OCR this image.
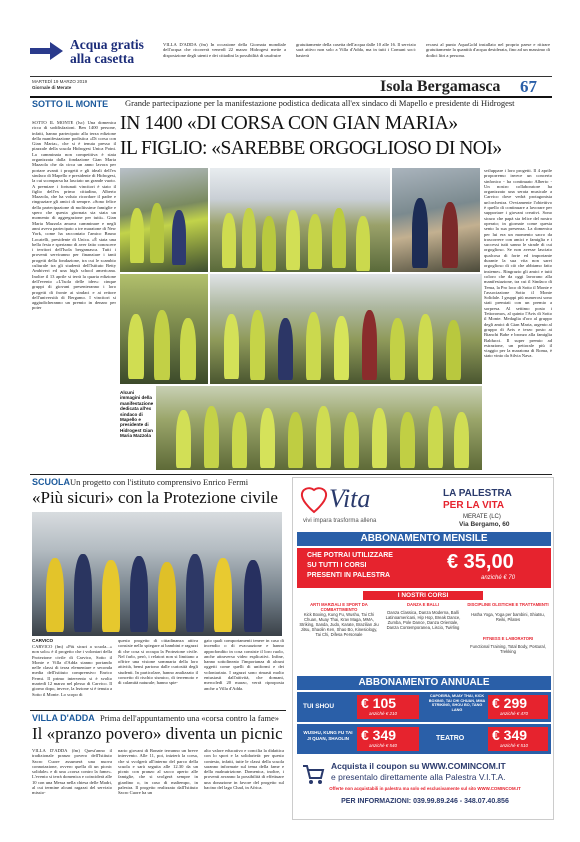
Acqua gratis alla casetta
VILLA D'ADDA (fm) In occasione della Giornata mondiale dell'acqua che ricorrerà venerdì 22 marzo Hidrogest mette a disposizione degli utenti e dei cittadini la possibilità di usufruire
gratuitamente della casetta dell'acqua dalle 10 alle 16. Il servizio sarà attivo non solo a Villa d'Adda, ma in tutti i Comuni soci: basterà
recarsi al punto AquaGold installato nel proprio paese e ritirare gratuitamente la quantità d'acqua desiderata, fino ad un massimo di dodici litri a persona.
MARTEDÌ 19 MARZO 2019
Giornale di Merate	Isola Bergamasca 67
SOTTO IL MONTE Grande partecipazione per la manifestazione podistica dedicata all'ex sindaco di Mapello e presidente di Hidrogest
IN 1400 «DI CORSA CON GIAN MARIA»
IL FIGLIO: «SAREBBE ORGOGLIOSO DI NOI»
SOTTO IL MONTE (lsc) Una domenica ricca di soddisfazioni. Ben 1400 persone, infatti, hanno partecipato alla terza edizione della manifestazione podistica «Di corsa con Gian Maria», che si è tenuta presso il piazzale della scuola Hidrogest Unica Point. La camminata non competitiva è stata organizzata dalla fondazione Gian Maria Mazzola che da circa un anno lavora per portare avanti i progetti e gli ideali dell'ex sindaco di Mapello e presidente di Hidrogest, la cui scomparsa ha lasciato un grande vuoto. A premiare i fortunati vincitori è stato il figlio dell'ex primo cittadino, Alberto Mazzola, che ha voluto ricordare il padre e ringraziare gli amici di sempre. «Sono felice della partecipazione di moltissime famiglie e spero che questa giornata sia stata un momento di aggregazione per tutti». Gian Maria Mazzola amava camminare e negli anni aveva partecipato a tre maratone di New York, come ha raccontato l'amico Bruno Locatelli, presidente di Unica. «È stata una bella festa e speriamo di aver fatto conoscere i territori dell'Isola bergamasca. Tutti i proventi serviranno per finanziare i tanti progetti della fondazione, tra cui le scambio culturale tra gli studenti dell'Istituto Betty Ambiveri ed una high school americana. Inoltre il 13 aprile si terrà la quarta edizione dell'evento «L'Isola delle idee»: cinque gruppi di giovani presenteranno i loro progetti di fronte ai sindaci e ai rettore dell'università di Bergamo. I vincitori si aggiudicheranno un premio in denaro per poter
Alcuni immagini della manifestazione dedicata all'ex sindaco di Mapello e presidente di Hidrogest Gian Maria Mazzola
sviluppare i loro progetti. Il 4 aprile proporremo invece un concerto sinfonico - ha continuato Alberto - Un nostro collaboratore ha organizzato una serata musicale a Carvico dove vedrà protagonista un'orchestra. Ovviamente l'obiettivo è quello di continuare a lavorare per supportare i giovani creativi. Sono sicuro che papà sia felice del nostro operato; in giornate come questa sento la sua presenza. La domenica per lui era un momento sacro da trascorrere con amici e famiglia e i successi tutti sanno le strade di cui orgoglioso. Se non avesse lasciato qualcosa di forte ed importante durante la sua vita non sarei orgoglioso di ciò che abbiamo fatto insieme». Ringrazio gli amici e tutti coloro che da oggi lavorano alla manifestazione, tra cui il Sindaco di Tema, la Pro loco di Sotto il Monte e l'associazione Sotto il Monte Solidale. I gruppi più numerosi sono stati premiati con un premio a sorpresa. Al settimo posto i Tettoromos, al quinto l'Avis di Sotto il Monte. Medaglia d'oro al gruppo degli amici di Gian Maria, argento al gruppo di Avis e terzo posto ai Bianchi Babe e bronzo alla famiglia Balducci. Il super premio ad estrazione, un pettorale più il viaggio per la maratona di Roma, è stato vinto da Silvia Nava.
SCUOLA Un progetto con l'istituto comprensivo Enrico Fermi
«Più sicuri» con la Protezione civile
CARVICO
CARVICO (fm) «Più sicuri a scuola...» non solo» è il progetto che i volontari della Protezione civile di Carvico, Sotto il Monte e Villa d'Adda stanno portando nelle classi di terza elementare e seconda media dell'istituto comprensivo Enrico Fermi. Il primo intervento si è svolto martedì 12 marzo nel plesso di Carvico. Il giorno dopo, invece, la lezione si è tenuta a Sotto il Monte. Lo scopo di
questo progetto di cittadinanza attiva consiste nello spiegare ai bambini e ragazzi di che cosa si occupa la Protezione civile. Nel farlo, però, i relatori non si limitano a offrire una visione sommaria della loro attività, bensì partono dalle curiosità degli studenti. In particolare, hanno analizzato il concetto di rischio sismico, di terremoto e di calamità naturale; hanno spie-
gato quali comportamenti tenere in caso di incendio o di evacuazione e hanno approfondito in cosa consiste il loro ruolo, anche attraverso video esplicativi. Infine, hanno sottolineato l'importanza di alcuni oggetti come quelli di uniformi e dei volontariato. I ragazzi sono rimasti molto entusiasti dall'attività, che domani, mercoledì 20 marzo, verrà riproposta anche a Villa d'Adda.
VILLA D'ADDA Prima dell'appuntamento una «corsa contro la fame»
Il «pranzo povero» diventa un picnic
VILLA D'ADDA (fm) Quest'anno il tradizionale pranzo povero dell'Istituto Sacro Cuore assumerà una nuova connotazione, ovvero quella di un picnic solidale» e di una «corsa contro la fame». L'evento si terrà domenica e coinciderà alle 10 con una Messa nella chiesa delle Madri, al cui termine alcuni ragazzi del servizio missio-
nario giovani di Bonate terranno un breve intervento. Alle 11, poi, inizierà la corsa, che si svolgerà all'interno del parco della scuola e sarà seguita alle 12.30 da un picnic con pranzo al sacco aperto alle famiglie, che si svolgerà sempre in giardino o, in caso di maltempo, in palestra. Il progetto realizzato dall'Istituto Sacro Cuore ha un
alto valore educativo e concilia la didattica con lo sport e la solidarietà: per questo contesto, infatti, tutte le classi della scuola saranno informate sul tema della fame e della malnutrizione. Domenica, inoltre, i proventi avranno la possibilità di effettuare una donazione in favore del progetto sul bacino del lago Chad, in Africa.
Vita
vivi impara trasforma allena
LA PALESTRA
PER LA VITA
MERATE (LC)
Via Bergamo, 60
ABBONAMENTO MENSILE
CHE POTRAI UTILIZZARE
SU TUTTI I CORSI
PRESENTI IN PALESTRA
€ 35,00
anziché € 70
I NOSTRI CORSI
ARTI MARZIALI E SPORT DA COMBATTIMENTO
Kick Boxing, Kung Fu, Wushu, Tai Chi Chuan, Muay Thai, Krav Maga, MMA, Striking, Sanda, Judo, Karate, Brazilian Jiu Jitsu, Shaolin Ken, Shao Bo, Kinesiology, Tai Chi, Difesa Personale
DANZA E BALLI
Danza Classica, Danza Moderna, Balli Latinoamericani, Hip Hop, Break Dance, Zumba, Pole Dance, Danza Orientale, Danza Contemporanea, Liscio, Twirling
DISCIPLINE OLISTICHE E TRATTAMENTI
Hatha Yoga, Yoga per bambini, Shiatsu, Reiki, Pilates
FITNESS E LABORATORI
Functional Training, Total Body, Postural, Trekking
ABBONAMENTO ANNUALE
TUI SHOU € 105
anziché € 210
CAPOEIRA, MUAY THAI, KICK BOXING, TAI CHI CHUAN, MMA STRIKING, SHOU BO, TANG LANG	€ 299
anziché € 470
WUSHU, KUNG FU TAI JI QUAN, SHAOLIN € 349
anziché € 540
TEATRO € 349
anziché € 510
Acquista il coupon su WWW.COMINCOM.IT
e presentalo direttamente alla Palestra V.I.T.A.
Offerte non acquistabili in palestra ma solo ed esclusivamente sul sito WWW.COMINCOM.IT
PER INFORMAZIONI: 039.99.89.246 - 348.07.40.856
